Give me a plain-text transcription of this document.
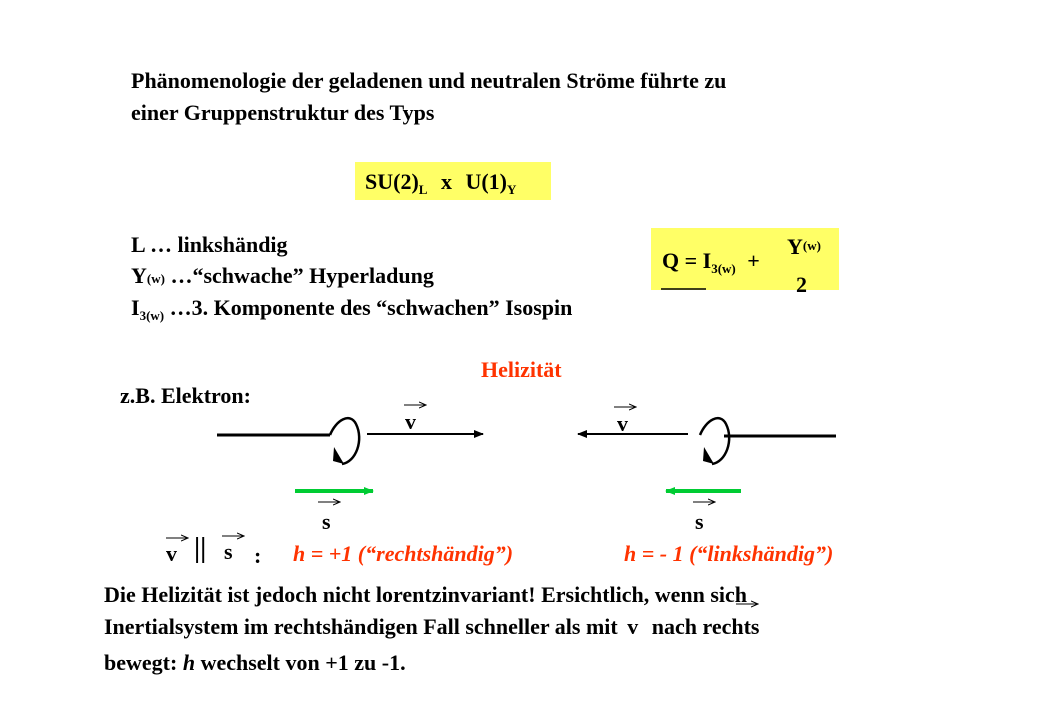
Phänomenologie der geladenen und neutralen Ströme führte zu
einer Gruppenstruktur des Typs
$SU(2)_L$ x $U(1)_Y$
L … linkshändig
Y(w) …“schwache” Hyperladung
$I_{3(w)}$ …3. Komponente des “schwachen” Isospin
$Q = I_{3(w)}$ +
Y(w)
2
Helizität
z.B. Elektron:
v	v
s	s
v || s : h = +1 (“rechtshändig”)	h = - 1 (“linkshändig”)
Die Helizität ist jedoch nicht lorentzinvariant! Ersichtlich, wenn sich
Inertialsystem im rechtshändigen Fall schneller als mit v nach rechts
bewegt: h wechselt von +1 zu -1.
